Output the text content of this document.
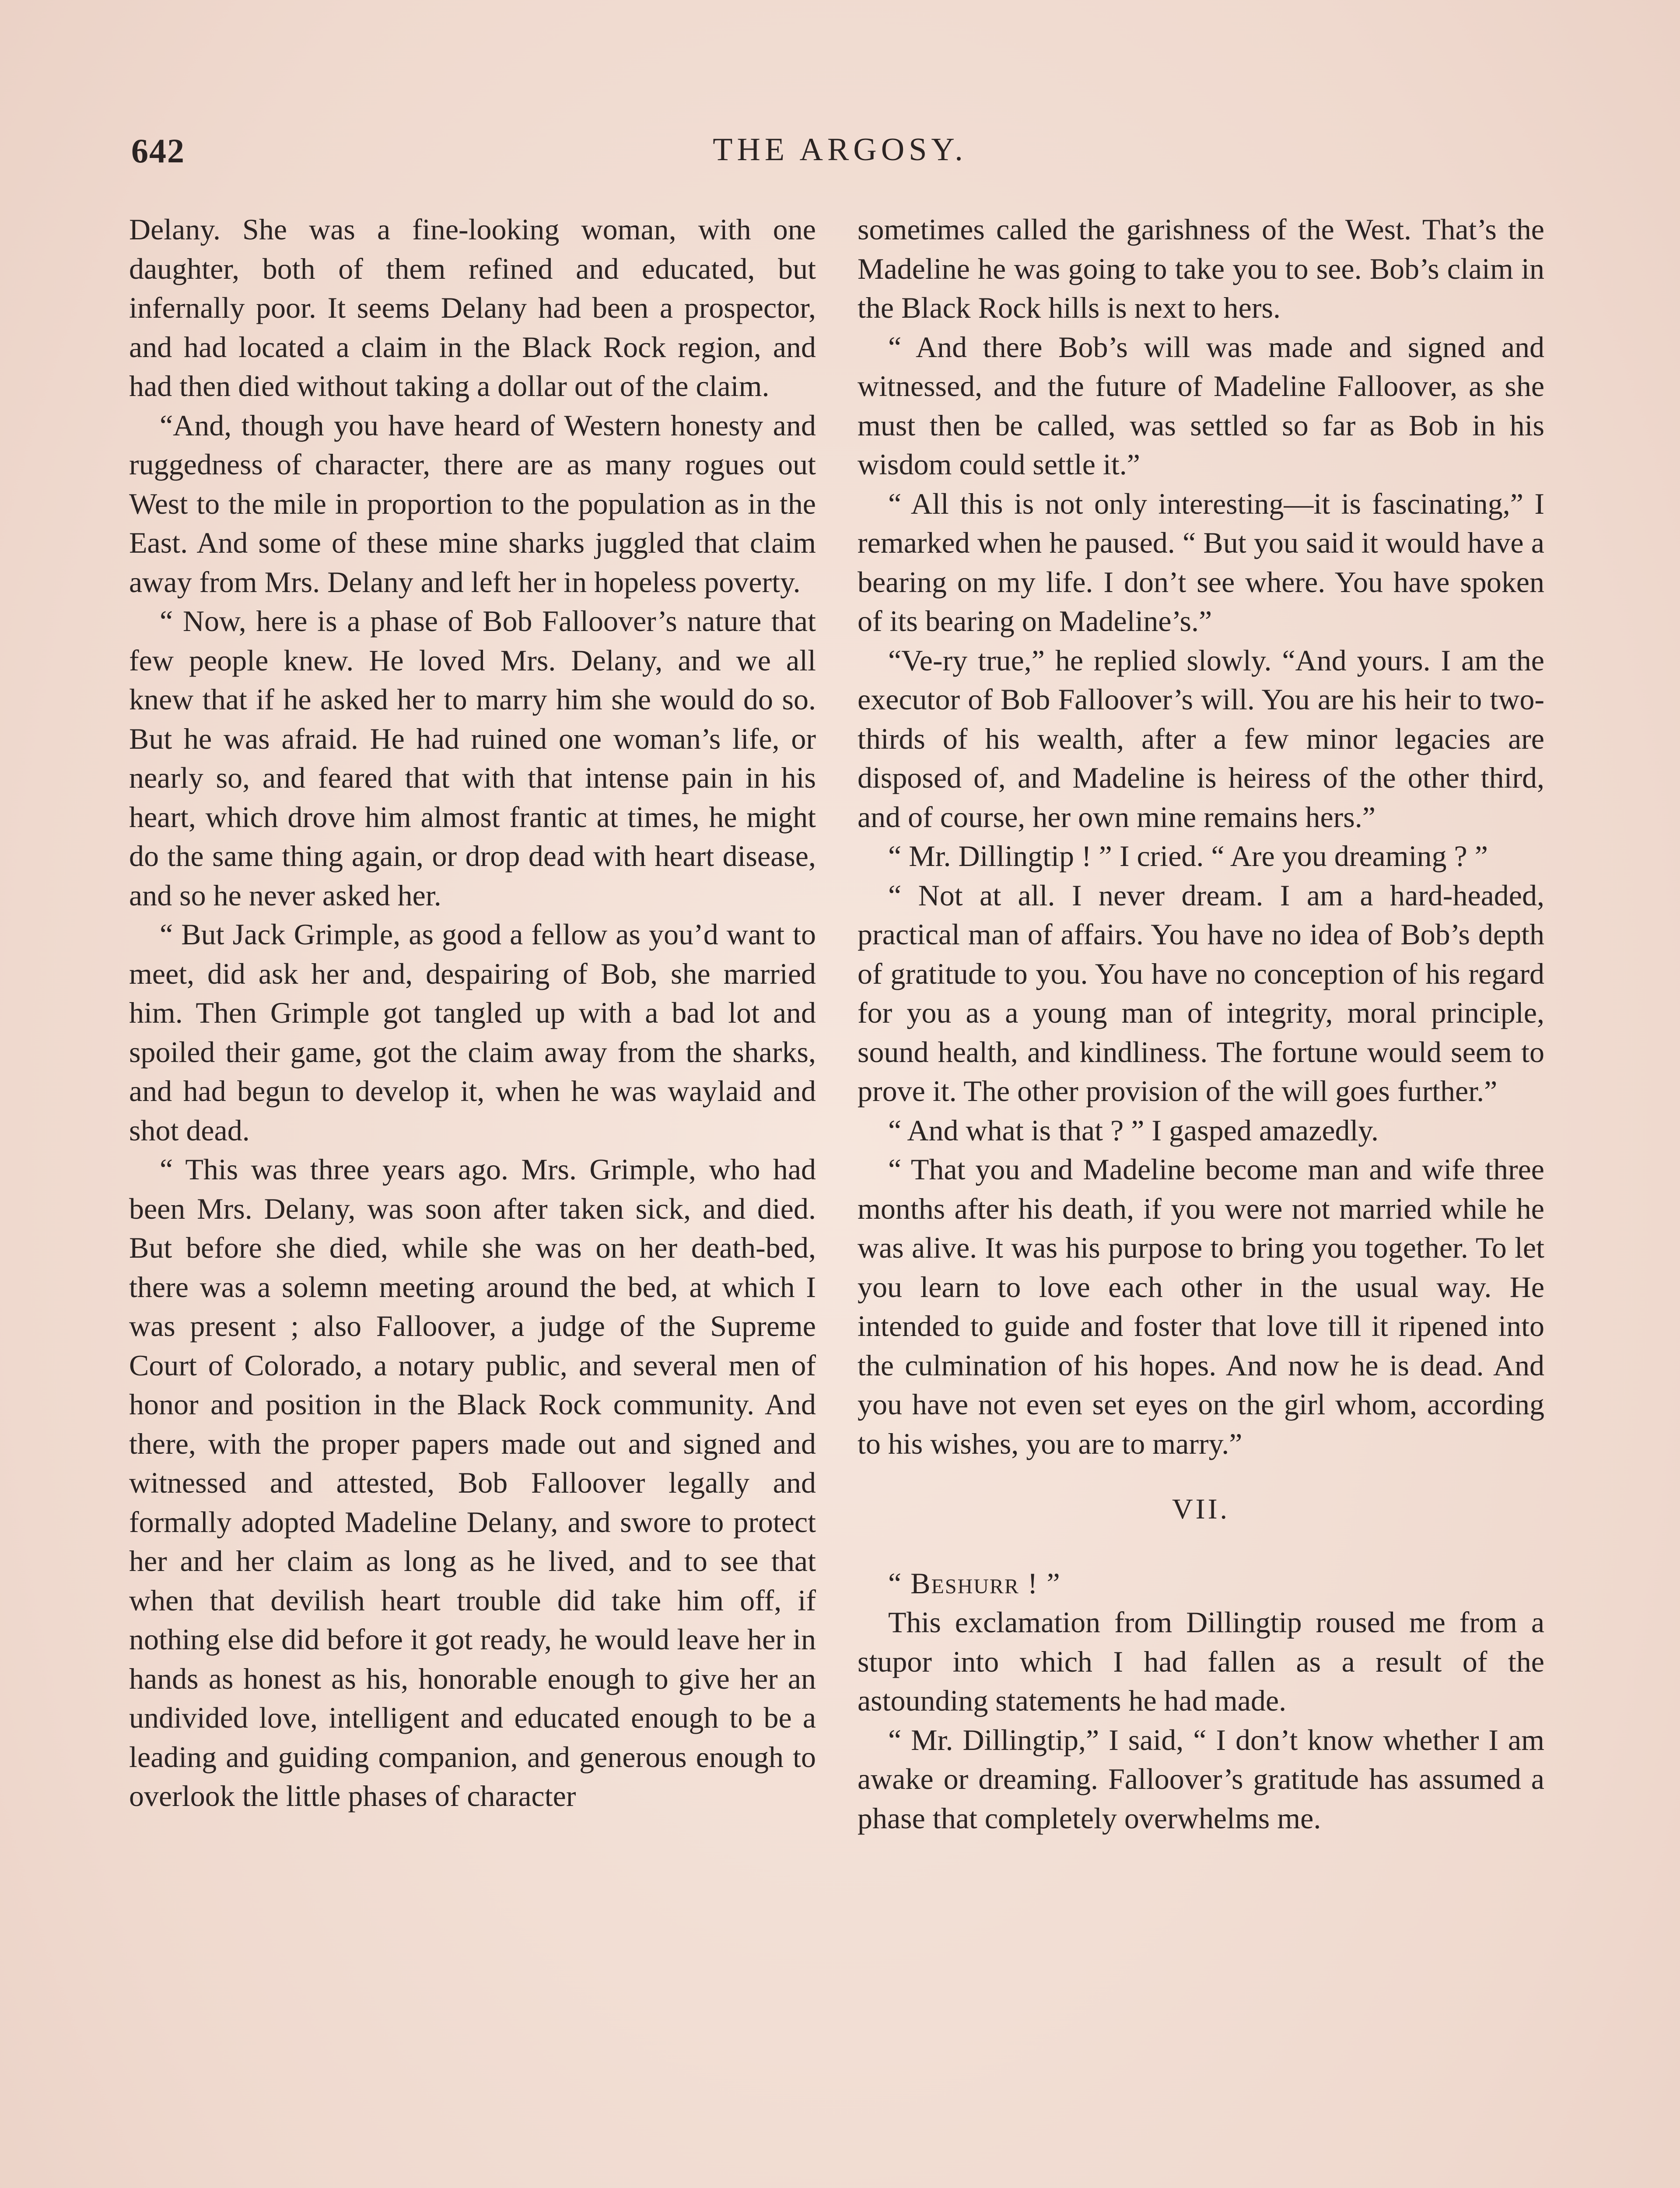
642	THE ARGOSY.

Delany. She was a fine-looking woman, with one daughter, both of them refined and educated, but infernally poor. It seems Delany had been a prospector, and had located a claim in the Black Rock region, and had then died without taking a dollar out of the claim.

“And, though you have heard of Western honesty and ruggedness of character, there are as many rogues out West to the mile in proportion to the population as in the East. And some of these mine sharks juggled that claim away from Mrs. Delany and left her in hopeless poverty.

“ Now, here is a phase of Bob Falloover’s nature that few people knew. He loved Mrs. Delany, and we all knew that if he asked her to marry him she would do so. But he was afraid. He had ruined one woman’s life, or nearly so, and feared that with that intense pain in his heart, which drove him almost frantic at times, he might do the same thing again, or drop dead with heart disease, and so he never asked her.

“ But Jack Grimple, as good a fellow as you’d want to meet, did ask her and, despairing of Bob, she married him. Then Grimple got tangled up with a bad lot and spoiled their game, got the claim away from the sharks, and had begun to develop it, when he was waylaid and shot dead.

“ This was three years ago. Mrs. Grimple, who had been Mrs. Delany, was soon after taken sick, and died. But before she died, while she was on her death-bed, there was a solemn meeting around the bed, at which I was present ; also Falloover, a judge of the Supreme Court of Colorado, a notary public, and several men of honor and position in the Black Rock community. And there, with the proper papers made out and signed and witnessed and attested, Bob Falloover legally and formally adopted Madeline Delany, and swore to protect her and her claim as long as he lived, and to see that when that devilish heart trouble did take him off, if nothing else did before it got ready, he would leave her in hands as honest as his, honorable enough to give her an undivided love, intelligent and educated enough to be a leading and guiding companion, and generous enough to overlook the little phases of character

sometimes called the garishness of the West. That’s the Madeline he was going to take you to see. Bob’s claim in the Black Rock hills is next to hers.

“ And there Bob’s will was made and signed and witnessed, and the future of Madeline Falloover, as she must then be called, was settled so far as Bob in his wisdom could settle it.”

“ All this is not only interesting—it is fascinating,” I remarked when he paused. “ But you said it would have a bearing on my life. I don’t see where. You have spoken of its bearing on Madeline’s.”

“Ve-ry true,” he replied slowly. “And yours. I am the executor of Bob Falloover’s will. You are his heir to two-thirds of his wealth, after a few minor legacies are disposed of, and Madeline is heiress of the other third, and of course, her own mine remains hers.”

“ Mr. Dillingtip ! ” I cried. “ Are you dreaming ? ”

“ Not at all. I never dream. I am a hard-headed, practical man of affairs. You have no idea of Bob’s depth of gratitude to you. You have no conception of his regard for you as a young man of integrity, moral principle, sound health, and kindliness. The fortune would seem to prove it. The other provision of the will goes further.”

“ And what is that ? ” I gasped amazedly.

“ That you and Madeline become man and wife three months after his death, if you were not married while he was alive. It was his purpose to bring you together. To let you learn to love each other in the usual way. He intended to guide and foster that love till it ripened into the culmination of his hopes. And now he is dead. And you have not even set eyes on the girl whom, according to his wishes, you are to marry.”

VII.

“ Beshurr ! ”

This exclamation from Dillingtip roused me from a stupor into which I had fallen as a result of the astounding statements he had made.

“ Mr. Dillingtip,” I said, “ I don’t know whether I am awake or dreaming. Falloover’s gratitude has assumed a phase that completely overwhelms me.
